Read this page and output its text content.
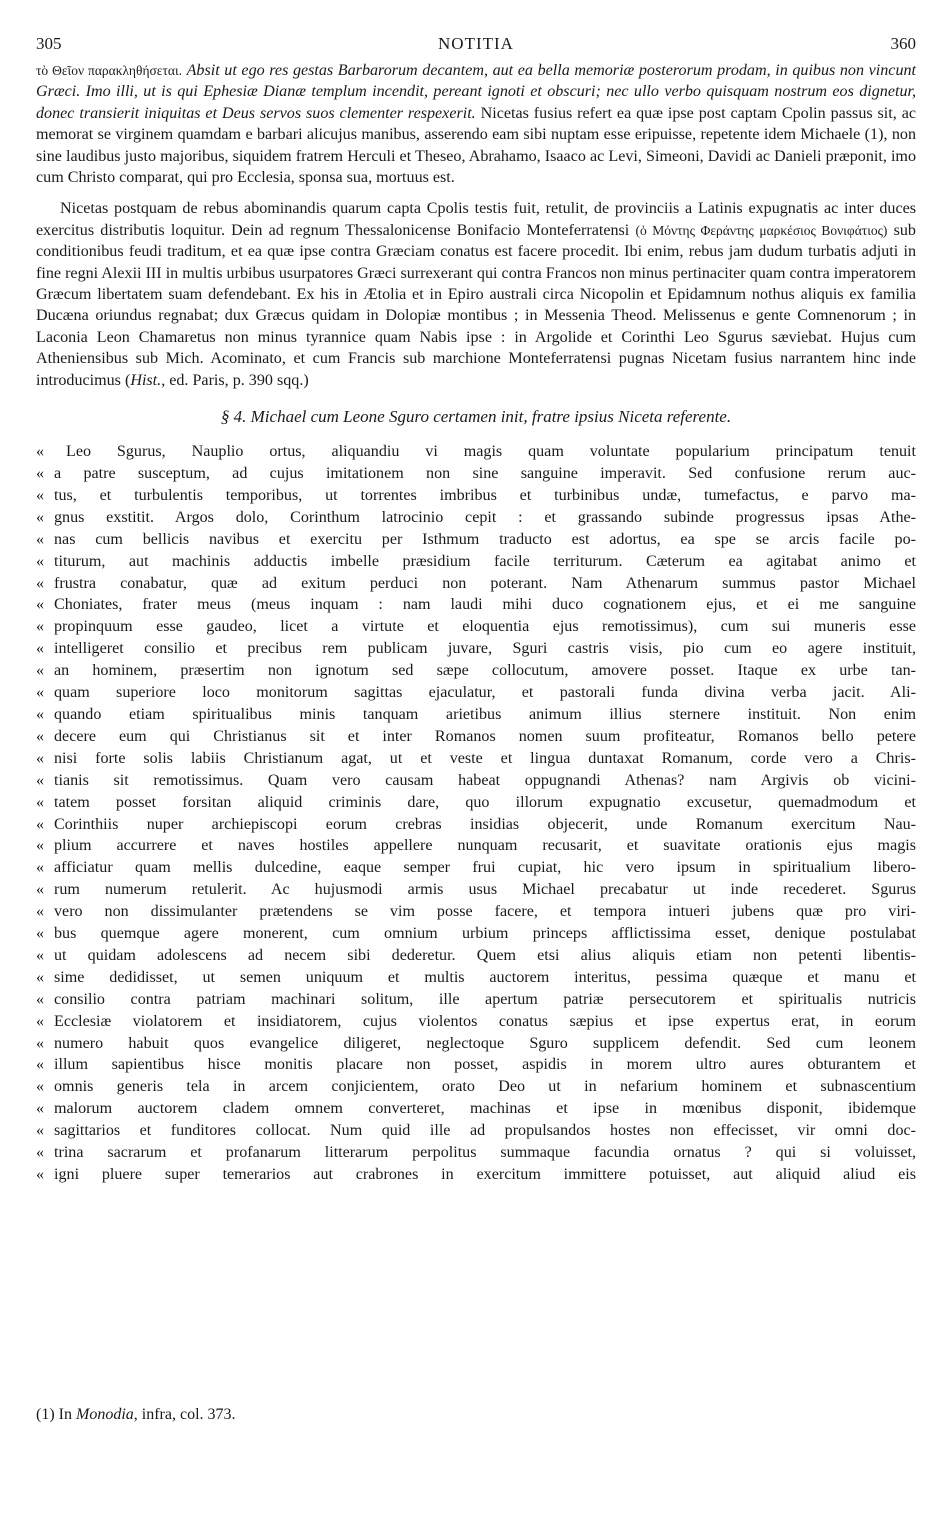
305	NOTITIA	360

τὸ Θεῖον παρακληθήσεται. Absit ut ego res gestas Barbarorum decantem, aut ea bella memoriæ posterorum prodam, in quibus non vincunt Græci. Imo illi, ut is qui Ephesiæ Dianæ templum incendit, pereant ignoti et obscuri; nec ullo verbo quisquam nostrum eos dignetur, donec transierit iniquitas et Deus servos suos clementer respexerit. Nicetas fusius refert ea quæ ipse post captam Cpolin passus sit, ac memorat se virginem quamdam e barbari alicujus manibus, asserendo eam sibi nuptam esse eripuisse, repetente idem Michaele (1), non sine laudibus justo majoribus, siquidem fratrem Herculi et Theseo, Abrahamo, Isaaco ac Levi, Simeoni, Davidi ac Danieli præponit, imo cum Christo comparat, qui pro Ecclesia, sponsa sua, mortuus est.

Nicetas postquam de rebus abominandis quarum capta Cpolis testis fuit, retulit, de provinciis a Latinis expugnatis ac inter duces exercitus distributis loquitur. Dein ad regnum Thessalonicense Bonifacio Monteferratensi (ὁ Μόντης Φεράντης μαρκέσιος Βονιφάτιος) sub conditionibus feudi traditum, et ea quæ ipse contra Græciam conatus est facere procedit. Ibi enim, rebus jam dudum turbatis adjuti in fine regni Alexii III in multis urbibus usurpatores Græci surrexerant qui contra Francos non minus pertinaciter quam contra imperatorem Græcum libertatem suam defendebant. Ex his in Ætolia et in Epiro australi circa Nicopolin et Epidamnum nothus aliquis ex familia Ducæna oriundus regnabat; dux Græcus quidam in Dolopiæ montibus ; in Messenia Theod. Melissenus e gente Comnenorum ; in Laconia Leon Chamaretus non minus tyrannice quam Nabis ipse : in Argolide et Corinthi Leo Sgurus sæviebat. Hujus cum Atheniensibus sub Mich. Acominato, et cum Francis sub marchione Monteferratensi pugnas Nicetam fusius narrantem hinc inde introducimus (Hist., ed. Paris, p. 390 sqq.)

§ 4. Michael cum Leone Sguro certamen init, fratre ipsius Niceta referente.
«	Leo Sgurus, Nauplio ortus, aliquandiu vi magis quam voluntate popularium principatum tenuit
« a patre susceptum, ad cujus imitationem non sine sanguine imperavit. Sed confusione rerum auc-
« tus, et turbulentis temporibus, ut torrentes imbribus et turbinibus undæ, tumefactus, e parvo ma-
« gnus exstitit. Argos dolo, Corinthum latrocinio cepit : et grassando subinde progressus ipsas Athe-
« nas cum bellicis navibus et exercitu per Isthmum traducto est adortus, ea spe se arcis facile po-
« titurum, aut machinis adductis imbelle præsidium facile territurum. Cæterum ea agitabat animo et
« frustra conabatur, quæ ad exitum perduci non poterant. Nam Athenarum summus pastor Michael
« Choniates, frater meus (meus inquam : nam laudi mihi duco cognationem ejus, et ei me sanguine
« propinquum esse gaudeo, licet a virtute et eloquentia ejus remotissimus), cum sui muneris esse
« intelligeret consilio et precibus rem publicam juvare, Sguri castris visis, pio cum eo agere instituit,
« an hominem, præsertim non ignotum sed sæpe collocutum, amovere posset. Itaque ex urbe tan-
« quam superiore loco monitorum sagittas ejaculatur, et pastorali funda divina verba jacit. Ali-
« quando etiam spiritualibus minis tanquam arietibus animum illius sternere instituit. Non enim
« decere eum qui Christianus sit et inter Romanos nomen suum profiteatur, Romanos bello petere
« nisi forte solis labiis Christianum agat, ut et veste et lingua duntaxat Romanum, corde vero a Chris-
« tianis sit remotissimus. Quam vero causam habeat oppugnandi Athenas? nam Argivis ob vicini-
« tatem posset forsitan aliquid criminis dare, quo illorum expugnatio excusetur, quemadmodum et
« Corinthiis nuper archiepiscopi eorum crebras insidias objecerit, unde Romanum exercitum Nau-
« plium accurrere et naves hostiles appellere nunquam recusarit, et suavitate orationis ejus magis
« afficiatur quam mellis dulcedine, eaque semper frui cupiat, hic vero ipsum in spiritualium libero-
« rum numerum retulerit. Ac hujusmodi armis usus Michael precabatur ut inde recederet. Sgurus
« vero non dissimulanter prætendens se vim posse facere, et tempora intueri jubens quæ pro viri-
« bus quemque agere monerent, cum omnium urbium princeps afflictissima esset, denique postulabat
« ut quidam adolescens ad necem sibi dederetur. Quem etsi alius aliquis etiam non petenti libentis-
« sime dedidisset, ut semen uniquum et multis auctorem interitus, pessima quæque et manu et
« consilio contra patriam machinari solitum, ille apertum patriæ persecutorem et spiritualis nutricis
« Ecclesiæ violatorem et insidiatorem, cujus violentos conatus sæpius et ipse expertus erat, in eorum
« numero habuit quos evangelice diligeret, neglectoque Sguro supplicem defendit. Sed cum leonem
« illum sapientibus hisce monitis placare non posset, aspidis in morem ultro aures obturantem et
« omnis generis tela in arcem conjicientem, orato Deo ut in nefarium hominem et subnascentium
« malorum auctorem cladem omnem converteret, machinas et ipse in mœnibus disponit, ibidemque
« sagittarios et funditores collocat. Num quid ille ad propulsandos hostes non effecisset, vir omni doc-
« trina sacrarum et profanarum litterarum perpolitus summaque facundia ornatus ? qui si voluisset,
« igni pluere super temerarios aut crabrones in exercitum immittere potuisset, aut aliquid aliud eis
(1) In Monodia, infra, col. 373.
